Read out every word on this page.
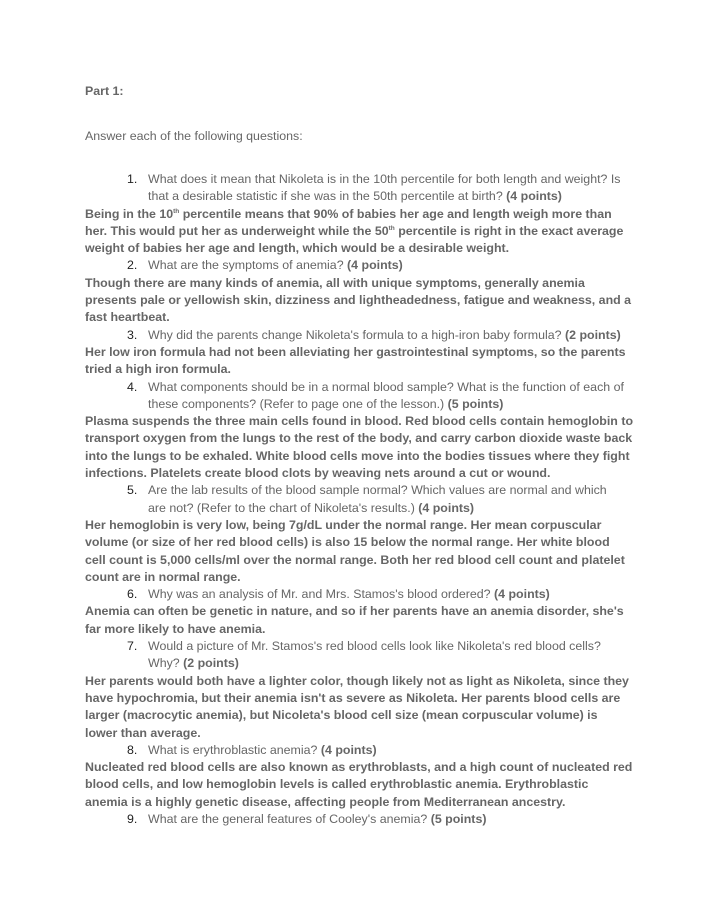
Part 1:
Answer each of the following questions:
1. What does it mean that Nikoleta is in the 10th percentile for both length and weight? Is that a desirable statistic if she was in the 50th percentile at birth? (4 points)
Being in the 10th percentile means that 90% of babies her age and length weigh more than her. This would put her as underweight while the 50th percentile is right in the exact average weight of babies her age and length, which would be a desirable weight.
2. What are the symptoms of anemia? (4 points)
Though there are many kinds of anemia, all with unique symptoms, generally anemia presents pale or yellowish skin, dizziness and lightheadedness, fatigue and weakness, and a fast heartbeat.
3. Why did the parents change Nikoleta's formula to a high-iron baby formula? (2 points)
Her low iron formula had not been alleviating her gastrointestinal symptoms, so the parents tried a high iron formula.
4. What components should be in a normal blood sample? What is the function of each of these components? (Refer to page one of the lesson.) (5 points)
Plasma suspends the three main cells found in blood. Red blood cells contain hemoglobin to transport oxygen from the lungs to the rest of the body, and carry carbon dioxide waste back into the lungs to be exhaled. White blood cells move into the bodies tissues where they fight infections. Platelets create blood clots by weaving nets around a cut or wound.
5. Are the lab results of the blood sample normal? Which values are normal and which are not? (Refer to the chart of Nikoleta's results.) (4 points)
Her hemoglobin is very low, being 7g/dL under the normal range. Her mean corpuscular volume (or size of her red blood cells) is also 15 below the normal range. Her white blood cell count is 5,000 cells/ml over the normal range. Both her red blood cell count and platelet count are in normal range.
6. Why was an analysis of Mr. and Mrs. Stamos's blood ordered? (4 points)
Anemia can often be genetic in nature, and so if her parents have an anemia disorder, she's far more likely to have anemia.
7. Would a picture of Mr. Stamos's red blood cells look like Nikoleta's red blood cells? Why? (2 points)
Her parents would both have a lighter color, though likely not as light as Nikoleta, since they have hypochromia, but their anemia isn't as severe as Nikoleta. Her parents blood cells are larger (macrocytic anemia), but Nicoleta's blood cell size (mean corpuscular volume) is lower than average.
8. What is erythroblastic anemia? (4 points)
Nucleated red blood cells are also known as erythroblasts, and a high count of nucleated red blood cells, and low hemoglobin levels is called erythroblastic anemia. Erythroblastic anemia is a highly genetic disease, affecting people from Mediterranean ancestry.
9. What are the general features of Cooley's anemia? (5 points)
